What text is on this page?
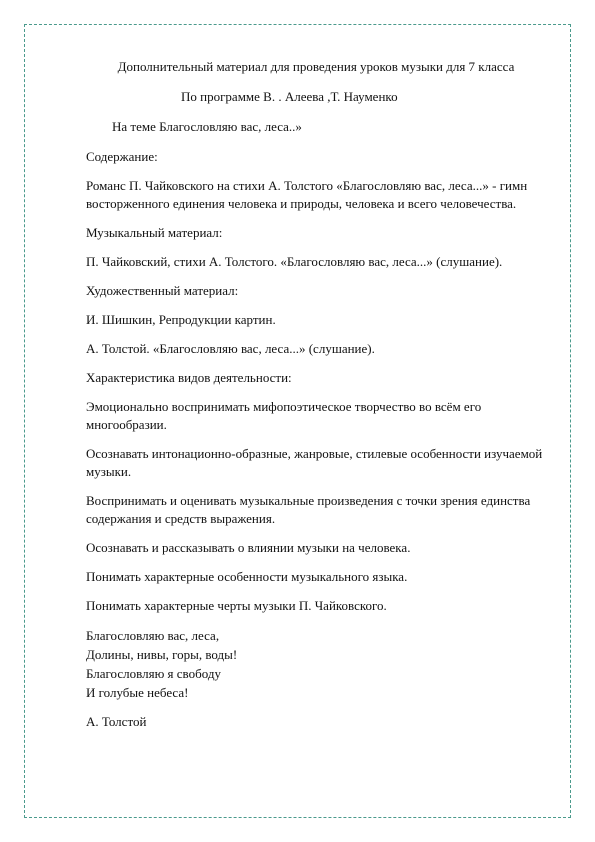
Дополнительный материал для проведения уроков музыки для 7 класса
По программе В. . Алеева ,Т. Науменко
На теме Благословляю вас, леса..»
Содержание:
Романс П. Чайковского на стихи А. Толстого «Благословляю вас, леса...» - гимн восторженного единения человека и природы, человека и всего человечества.
Музыкальный материал:
П. Чайковский, стихи А. Толстого. «Благословляю вас, леса...» (слушание).
Художественный материал:
И. Шишкин, Репродукции картин.
А. Толстой. «Благословляю вас, леса...» (слушание).
Характеристика видов деятельности:
Эмоционально воспринимать мифопоэтическое творчество во всём его многообразии.
Осознавать интонационно-образные, жанровые, стилевые особенности изучаемой музыки.
Воспринимать и оценивать музыкальные произведения с точки зрения единства содержания и средств выражения.
Осознавать и рассказывать о влиянии музыки на человека.
Понимать характерные особенности музыкального языка.
Понимать характерные черты музыки П. Чайковского.
Благословляю вас, леса,
Долины, нивы, горы, воды!
Благословляю я свободу
И голубые небеса!
А. Толстой
